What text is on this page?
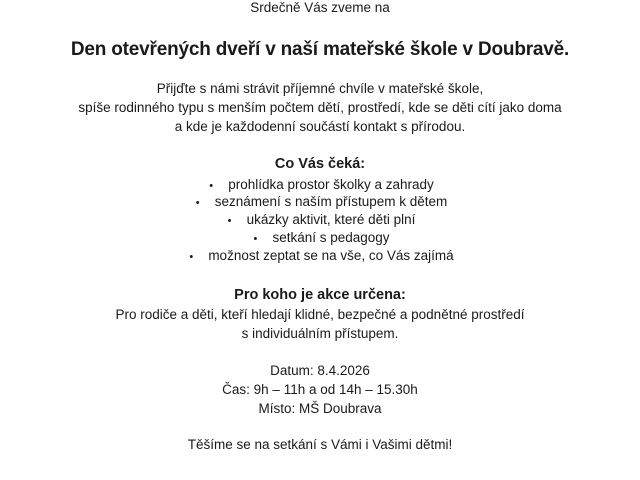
Srdečně Vás zveme na
Den otevřených dveří v naší mateřské škole v Doubravě.
Přijďte s námi strávit příjemné chvíle v mateřské škole,
spíše rodinného typu s menším počtem dětí, prostředí, kde se děti cítí jako doma
a kde je každodenní součástí kontakt s přírodou.
Co Vás čeká:
• prohlídka prostor školky a zahrady
• seznámení s naším přístupem k dětem
• ukázky aktivit, které děti plní
• setkání s pedagogy
• možnost zeptat se na vše, co Vás zajímá
Pro koho je akce určena:
Pro rodiče a děti, kteří hledají klidné, bezpečné a podnětné prostředí
s individuálním přístupem.
Datum: 8.4.2026
Čas: 9h – 11h a od 14h – 15.30h
Místo: MŠ Doubrava
Těšíme se na setkání s Vámi i Vašimi dětmi!
